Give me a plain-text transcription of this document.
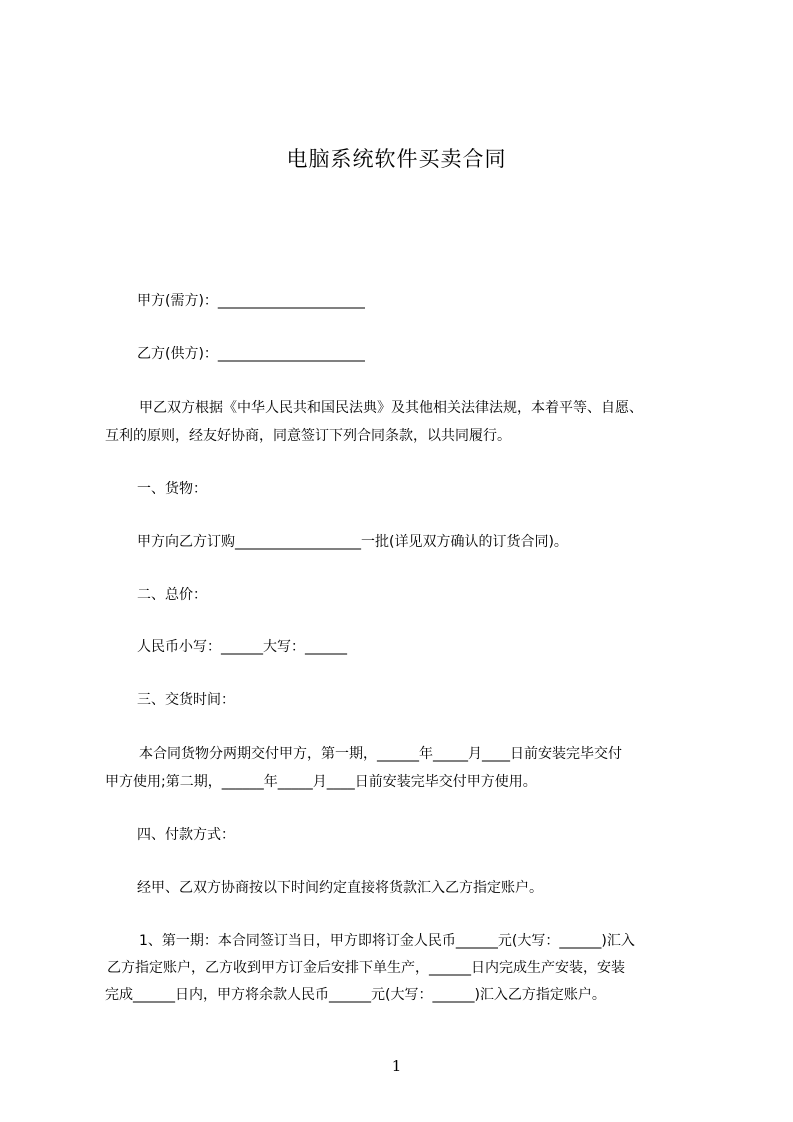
电脑系统软件买卖合同

甲方(需方)：_____________________

乙方(供方)：_____________________

甲乙双方根据《中华人民共和国民法典》及其他相关法律法规，本着平等、自愿、

互利的原则，经友好协商，同意签订下列合同条款，以共同履行。

一、货物：

甲方向乙方订购__________________一批(详见双方确认的订货合同)。

二、总价：

人民币小写：______大写：______

三、交货时间：

本合同货物分两期交付甲方，第一期，______年_____月____日前安装完毕交付

甲方使用;第二期，______年_____月____日前安装完毕交付甲方使用。

四、付款方式：

经甲、乙双方协商按以下时间约定直接将货款汇入乙方指定账户。

1、第一期：本合同签订当日，甲方即将订金人民币______元(大写：______)汇入

乙方指定账户，乙方收到甲方订金后安排下单生产，______日内完成生产安装，安装

完成______日内，甲方将余款人民币______元(大写：______)汇入乙方指定账户。

1
